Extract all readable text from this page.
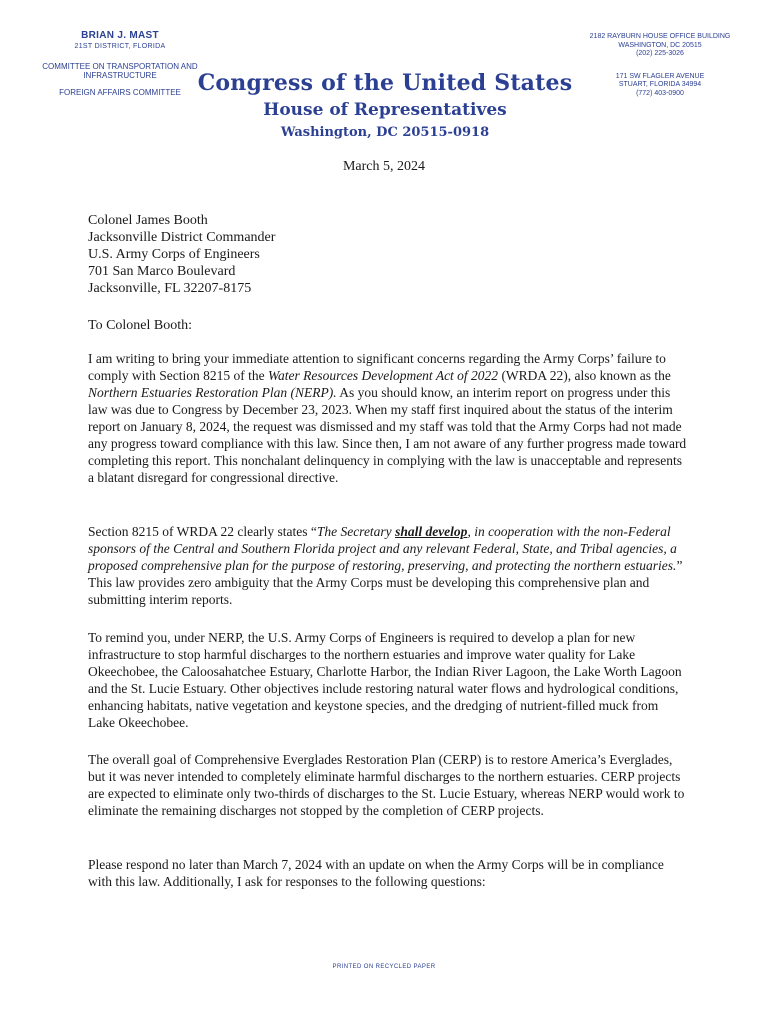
BRIAN J. MAST
21ST DISTRICT, FLORIDA
COMMITTEE ON TRANSPORTATION AND INFRASTRUCTURE
FOREIGN AFFAIRS COMMITTEE Congress of the United States
House of Representatives
Washington, DC 20515-0918
2182 RAYBURN HOUSE OFFICE BUILDING
WASHINGTON, DC 20515
(202) 225-3026
171 SW FLAGLER AVENUE
STUART, FLORIDA 34994
(772) 403-0900
March 5, 2024
Colonel James Booth
Jacksonville District Commander
U.S. Army Corps of Engineers
701 San Marco Boulevard
Jacksonville, FL 32207-8175
To Colonel Booth:

I am writing to bring your immediate attention to significant concerns regarding the Army Corps’ failure to comply with Section 8215 of the Water Resources Development Act of 2022 (WRDA 22), also known as the Northern Estuaries Restoration Plan (NERP). As you should know, an interim report on progress under this law was due to Congress by December 23, 2023. When my staff first inquired about the status of the interim report on January 8, 2024, the request was dismissed and my staff was told that the Army Corps had not made any progress toward compliance with this law. Since then, I am not aware of any further progress made toward completing this report. This nonchalant delinquency in complying with the law is unacceptable and represents a blatant disregard for congressional directive.

Section 8215 of WRDA 22 clearly states “The Secretary shall develop, in cooperation with the non-Federal sponsors of the Central and Southern Florida project and any relevant Federal, State, and Tribal agencies, a proposed comprehensive plan for the purpose of restoring, preserving, and protecting the northern estuaries.” This law provides zero ambiguity that the Army Corps must be developing this comprehensive plan and submitting interim reports.

To remind you, under NERP, the U.S. Army Corps of Engineers is required to develop a plan for new infrastructure to stop harmful discharges to the northern estuaries and improve water quality for Lake Okeechobee, the Caloosahatchee Estuary, Charlotte Harbor, the Indian River Lagoon, the Lake Worth Lagoon and the St. Lucie Estuary. Other objectives include restoring natural water flows and hydrological conditions, enhancing habitats, native vegetation and keystone species, and the dredging of nutrient-filled muck from Lake Okeechobee.

The overall goal of Comprehensive Everglades Restoration Plan (CERP) is to restore America’s Everglades, but it was never intended to completely eliminate harmful discharges to the northern estuaries. CERP projects are expected to eliminate only two-thirds of discharges to the St. Lucie Estuary, whereas NERP would work to eliminate the remaining discharges not stopped by the completion of CERP projects.

Please respond no later than March 7, 2024 with an update on when the Army Corps will be in compliance with this law. Additionally, I ask for responses to the following questions:

PRINTED ON RECYCLED PAPER
